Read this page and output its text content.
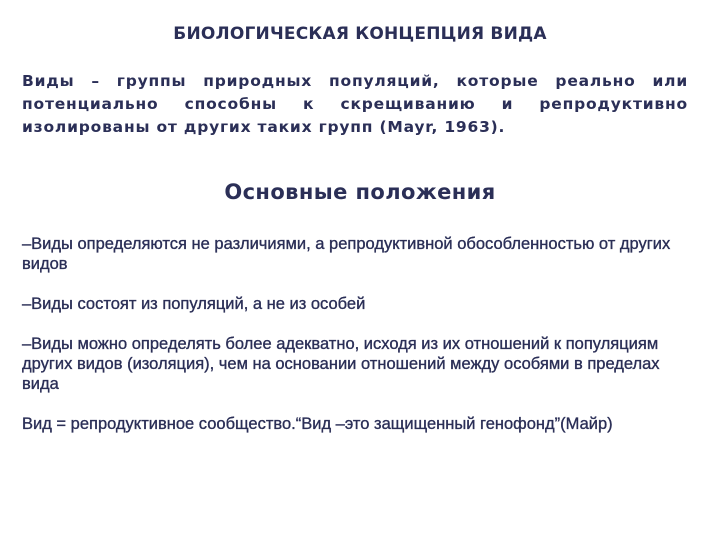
БИОЛОГИЧЕСКАЯ КОНЦЕПЦИЯ ВИДА
Виды – группы природных популяций, которые реально или потенциально способны к скрещиванию и репродуктивно изолированы от других таких групп (Mayr, 1963).
Основные положения
–Виды определяются не различиями, а репродуктивной обособленностью от других видов
–Виды состоят из популяций, а не из особей
–Виды можно определять более адекватно, исходя из их отношений к популяциям других видов (изоляция), чем на основании отношений между особями в пределах вида
Вид = репродуктивное сообщество.“Вид –это защищенный генофонд”(Майр)
